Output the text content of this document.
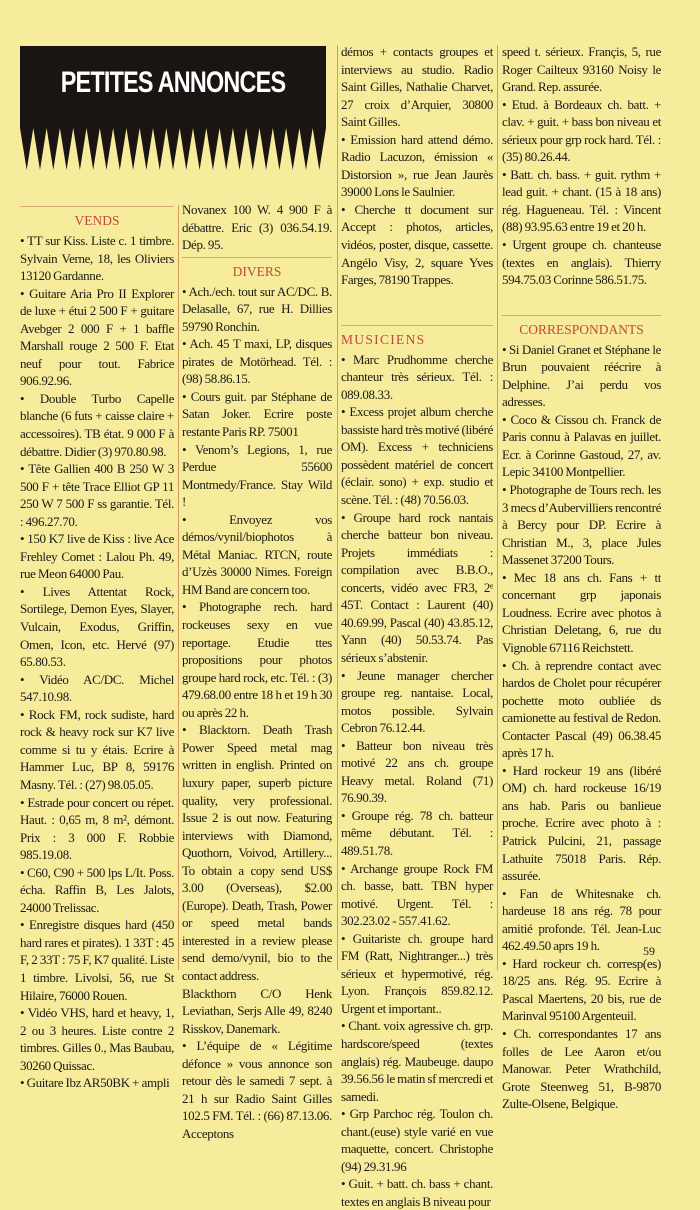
PETITES ANNONCES
VENDS

• TT sur Kiss. Liste c. 1 timbre. Sylvain Verne, 18, les Oliviers 13120 Gardanne.

• Guitare Aria Pro II Explorer de luxe + étui 2 500 F + guitare Avebger 2 000 F + 1 baffle Marshall rouge 2 500 F. Etat neuf pour tout. Fabrice 906.92.96.

• Double Turbo Capelle blanche (6 futs + caisse claire + accessoires). TB état. 9 000 F à débattre. Didier (3) 970.80.98.

• Tête Gallien 400 B 250 W 3 500 F + tête Trace Elliot GP 11 250 W 7 500 F ss garantie. Tél. : 496.27.70.

• 150 K7 live de Kiss : live Ace Frehley Comet : Lalou Ph. 49, rue Meon 64000 Pau.

• Lives Attentat Rock, Sortilege, Demon Eyes, Slayer, Vulcain, Exodus, Griffin, Omen, Icon, etc. Hervé (97) 65.80.53.

• Vidéo AC/DC. Michel 547.10.98.

• Rock FM, rock sudiste, hard rock & heavy rock sur K7 live comme si tu y étais. Ecrire à Hammer Luc, BP 8, 59176 Masny. Tél. : (27) 98.05.05.

• Estrade pour concert ou répet. Haut. : 0,65 m, 8 m², démont. Prix : 3 000 F. Robbie 985.19.08.

• C60, C90 + 500 lps L/It. Poss. écha. Raffin B, Les Jalots, 24000 Trelissac.

• Enregistre disques hard (450 hard rares et pirates). 1 33T : 45 F, 2 33T : 75 F, K7 qualité. Liste 1 timbre. Livolsi, 56, rue St Hilaire, 76000 Rouen.

• Vidéo VHS, hard et heavy, 1, 2 ou 3 heures. Liste contre 2 timbres. Gilles 0., Mas Baubau, 30260 Quissac.

• Guitare Ibz AR50BK + ampli

Novanex 100 W. 4 900 F à débattre. Eric (3) 036.54.19. Dép. 95.

DIVERS

• Ach./ech. tout sur AC/DC. B. Delasalle, 67, rue H. Dillies 59790 Ronchin.

• Ach. 45 T maxi, LP, disques pirates de Motörhead. Tél. : (98) 58.86.15.

• Cours guit. par Stéphane de Satan Joker. Ecrire poste restante Paris RP. 75001

• Venom’s Legions, 1, rue Perdue 55600 Montmedy/France. Stay Wild !

• Envoyez vos démos/vynil/biophotos à Métal Maniac. RTCN, route d’Uzès 30000 Nimes. Foreign HM Band are concern too.

• Photographe rech. hard rockeuses sexy en vue reportage. Etudie ttes propositions pour photos groupe hard rock, etc. Tél. : (3) 479.68.00 entre 18 h et 19 h 30 ou après 22 h.

• Blacktorn. Death Trash Power Speed metal mag written in english. Printed on luxury paper, superb picture quality, very professional. Issue 2 is out now. Featuring interviews with Diamond, Quothorn, Voivod, Artillery... To obtain a copy send US$ 3.00 (Overseas), $2.00 (Europe). Death, Trash, Power or speed metal bands interested in a review please send demo/vynil, bio to the contact address.

Blackthorn C/O Henk Leviathan, Serjs Alle 49, 8240 Risskov, Danemark.

• L’équipe de « Légitime défonce » vous annonce son retour dès le samedi 7 sept. à 21 h sur Radio Saint Gilles 102.5 FM. Tél. : (66) 87.13.06. Acceptons

démos + contacts groupes et interviews au studio. Radio Saint Gilles, Nathalie Charvet, 27 croix d’Arquier, 30800 Saint Gilles.

• Emission hard attend démo. Radio Lacuzon, émission « Distorsion », rue Jean Jaurès 39000 Lons le Saulnier.

• Cherche tt document sur Accept : photos, articles, vidéos, poster, disque, cassette. Angélo Visy, 2, square Yves Farges, 78190 Trappes.

MUSICIENS

• Marc Prudhomme cherche chanteur très sérieux. Tél. : 089.08.33.

• Excess projet album cherche bassiste hard très motivé (libéré OM). Excess + techniciens possèdent matériel de concert (éclair. sono) + exp. studio et scène. Tél. : (48) 70.56.03.

• Groupe hard rock nantais cherche batteur bon niveau. Projets immédiats : compilation avec B.B.O., concerts, vidéo avec FR3, 2ᵉ 45T. Contact : Laurent (40) 40.69.99, Pascal (40) 43.85.12, Yann (40) 50.53.74. Pas sérieux s’abstenir.

• Jeune manager chercher groupe reg. nantaise. Local, motos possible. Sylvain Cebron 76.12.44.

• Batteur bon niveau très motivé 22 ans ch. groupe Heavy metal. Roland (71) 76.90.39.

• Groupe rég. 78 ch. batteur même débutant. Tél. : 489.51.78.

• Archange groupe Rock FM ch. basse, batt. TBN hyper motivé. Urgent. Tél. : 302.23.02 - 557.41.62.

• Guitariste ch. groupe hard FM (Ratt, Nightranger...) très sérieux et hypermotivé, rég. Lyon. François 859.82.12. Urgent et important..

• Chant. voix agressive ch. grp. hardscore/speed (textes anglais) rég. Maubeuge. daupo 39.56.56 le matin sf mercredi et samedi.

• Grp Parchoc rég. Toulon ch. chant.(euse) style varié en vue maquette, concert. Christophe (94) 29.31.96

• Guit. + batt. ch. bass + chant. textes en anglais B niveau pour

speed t. sérieux. Françis, 5, rue Roger Cailteux 93160 Noisy le Grand. Rep. assurée.

• Etud. à Bordeaux ch. batt. + clav. + guit. + bass bon niveau et sérieux pour grp rock hard. Tél. : (35) 80.26.44.

• Batt. ch. bass. + guit. rythm + lead guit. + chant. (15 à 18 ans) rég. Hagueneau. Tél. : Vincent (88) 93.95.63 entre 19 et 20 h.

• Urgent groupe ch. chanteuse (textes en anglais). Thierry 594.75.03 Corinne 586.51.75.

CORRESPONDANTS

• Si Daniel Granet et Stéphane le Brun pouvaient réécrire à Delphine. J’ai perdu vos adresses.

• Coco & Cissou ch. Franck de Paris connu à Palavas en juillet. Ecr. à Corinne Gastoud, 27, av. Lepic 34100 Montpellier.

• Photographe de Tours rech. les 3 mecs d’Aubervilliers rencontré à Bercy pour DP. Ecrire à Christian M., 3, place Jules Massenet 37200 Tours.

• Mec 18 ans ch. Fans + tt concernant grp japonais Loudness. Ecrire avec photos à Christian Deletang, 6, rue du Vignoble 67116 Reichstett.

• Ch. à reprendre contact avec hardos de Cholet pour récupérer pochette moto oubliée ds camionette au festival de Redon. Contacter Pascal (49) 06.38.45 après 17 h.

• Hard rockeur 19 ans (libéré OM) ch. hard rockeuse 16/19 ans hab. Paris ou banlieue proche. Ecrire avec photo à : Patrick Pulcini, 21, passage Lathuite 75018 Paris. Rép. assurée.

• Fan de Whitesnake ch. hardeuse 18 ans rég. 78 pour amitié profonde. Tél. Jean-Luc 462.49.50 aprs 19 h.

• Hard rockeur ch. corresp(es) 18/25 ans. Rég. 95. Ecrire à Pascal Maertens, 20 bis, rue de Marinval 95100 Argenteuil.

• Ch. correspondantes 17 ans folles de Lee Aaron et/ou Manowar. Peter Wrathchild, Grote Steenweg 51, B-9870 Zulte-Olsene, Belgique.

59
